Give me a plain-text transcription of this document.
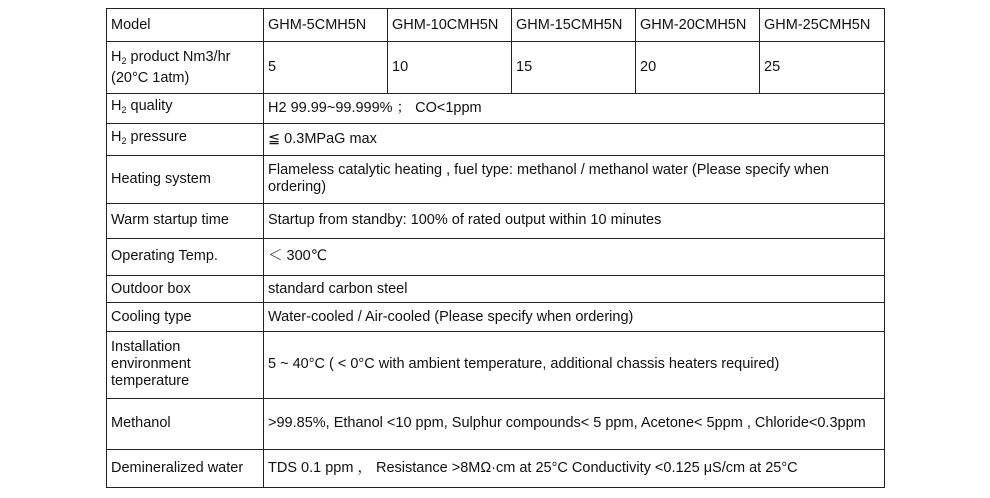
Model	GHM-5CMH5N	GHM-10CMH5N	GHM-15CMH5N	GHM-20CMH5N	GHM-25CMH5N
$H_2$ product Nm3/hr
(20°C 1atm)	5	10	15	20	25
$H_2$ quality	H2 99.99~99.999% ； CO<1ppm				
$H_2$ pressure	≦ 0.3MPaG max				
Heating system	Flameless catalytic heating , fuel type: methanol / methanol water (Please specify when ordering)				
Warm startup time	Startup from standby: 100% of rated output within 10 minutes				
Operating Temp.	＜ 300℃				
Outdoor box	standard carbon steel				
Cooling type	Water-cooled / Air-cooled (Please specify when ordering)				
Installation
environment
temperature	5 ~ 40°C ( < 0°C with ambient temperature, additional chassis heaters required)				
Methanol	>99.85%, Ethanol <10 ppm, Sulphur compounds< 5 ppm, Acetone< 5ppm , Chloride<0.3ppm				
Demineralized water	TDS 0.1 ppm ， Resistance >8MΩ·cm at 25°C Conductivity <0.125 μS/cm at 25°C				
